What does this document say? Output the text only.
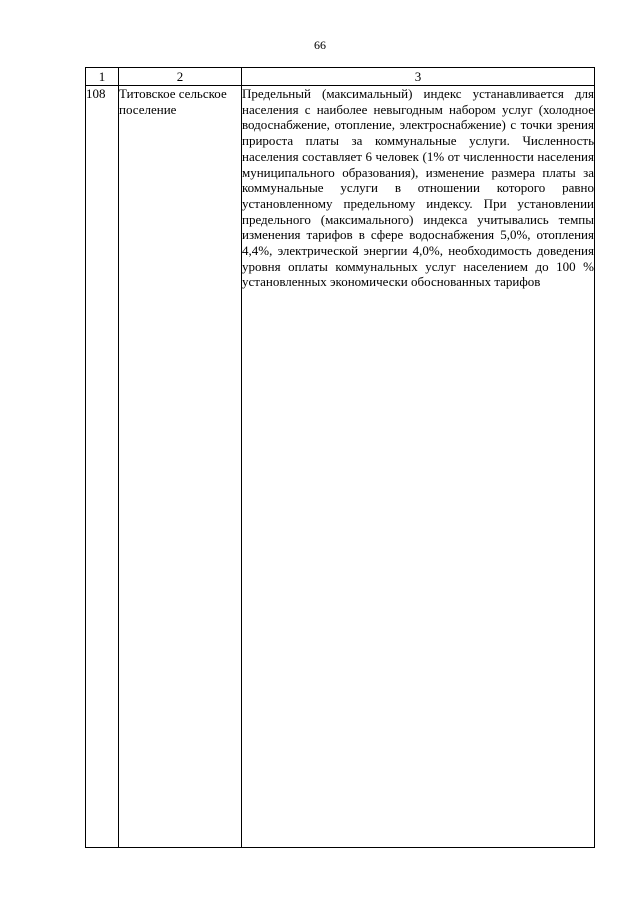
66
1	2	3
108	Титовское сельское поселение	Предельный (максимальный) индекс устанавливается для населения с наиболее невыгодным набором услуг (холодное водоснабжение, отопление, электроснабжение) с точки зрения прироста платы за коммунальные услуги. Численность населения составляет 6 человек (1% от численности населения муниципального образования), изменение размера платы за коммунальные услуги в отношении которого равно установленному предельному индексу. При установлении предельного (максимального) индекса учитывались темпы изменения тарифов в сфере водоснабжения 5,0%, отопления 4,4%, электрической энергии 4,0%, необходимость доведения уровня оплаты коммунальных услуг населением до 100 % установленных экономически обоснованных тарифов
